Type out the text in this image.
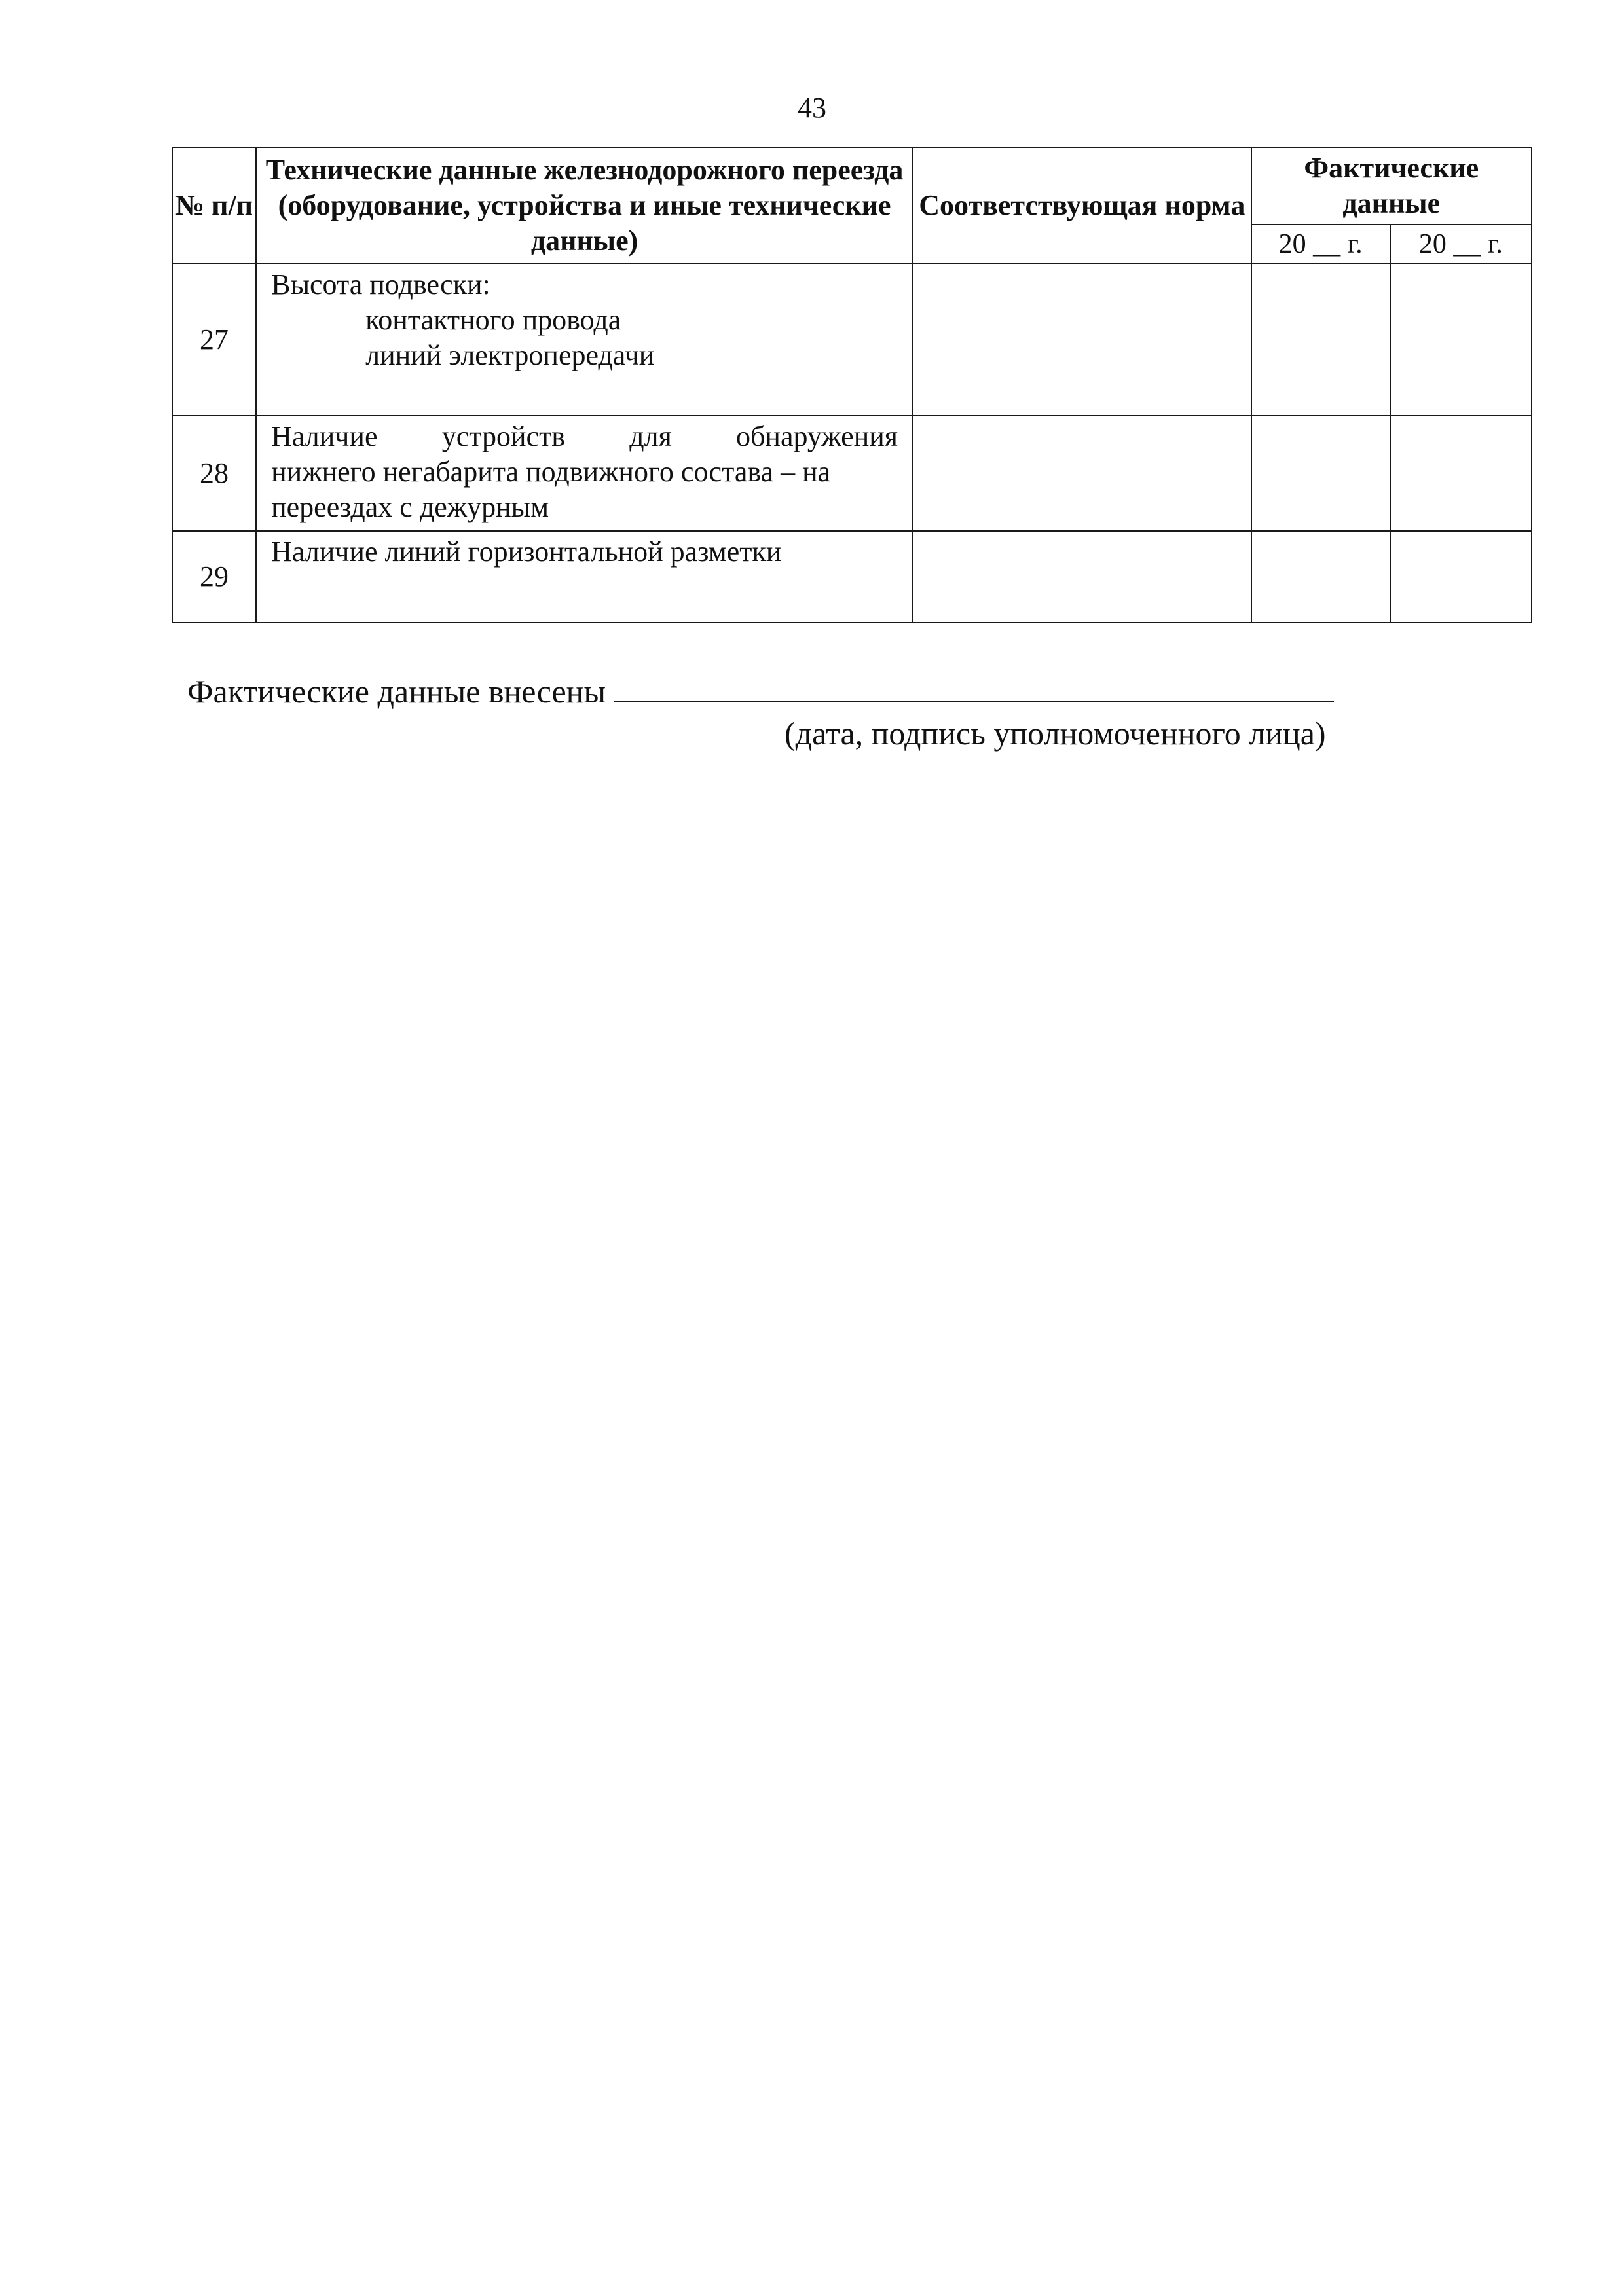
43
№ п/п	Технические данные железнодорожного переезда (оборудование, устройства и иные технические данные)	Соответствующая норма	Фактические данные	
			20 __ г.	20 __ г.
27	Высота подвески:
контактного провода
линий электропередачи			

28	Наличие устройств для обнаружения
нижнего негабарита подвижного состава – на переездах с дежурным			

29	Наличие линий горизонтальной разметки			

Фактические данные внесены
(дата, подпись уполномоченного лица)
